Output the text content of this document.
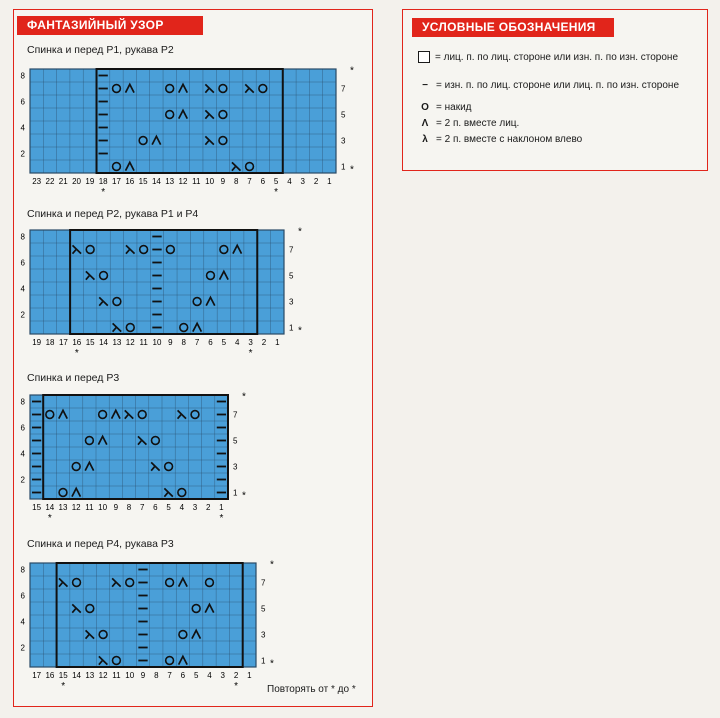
ФАНТАЗИЙНЫЙ УЗОР	УСЛОВНЫЕ ОБОЗНАЧЕНИЯ
= лиц. п. по лиц. стороне или изн. п. по изн. стороне
− = изн. п. по лиц. стороне или лиц. п. по изн. стороне
O = накид
Λ = 2 п. вместе лиц.
λ = 2 п. вместе с наклоном влево
Спинка и перед Р1, рукава Р2
Спинка и перед Р2, рукава Р1 и Р4
Спинка и перед Р3
Спинка и перед Р4, рукава Р3
*	*
23 22 21 20 19 18 17 16 15 14 13 12 11 10 9 8 7 6 5 4 3 2 1
8
6
4
2
7
5
3
1
*
*
*	*
19 18 17 16 15 14 13 12 11 10 9 8 7 6 5 4 3 2 1
8
6
4
2
7
5
3
1
*
*
*	*
15 14 13 12 11 10 9 8 7 6 5 4 3 2 1
8
6
4
2
7
5
3
1
*
*
*	*
17 16 15 14 13 12 11 10 9 8 7 6 5 4 3 2 1
8
6
4
2
7
5
3
1
*
*
Повторять от * до *
